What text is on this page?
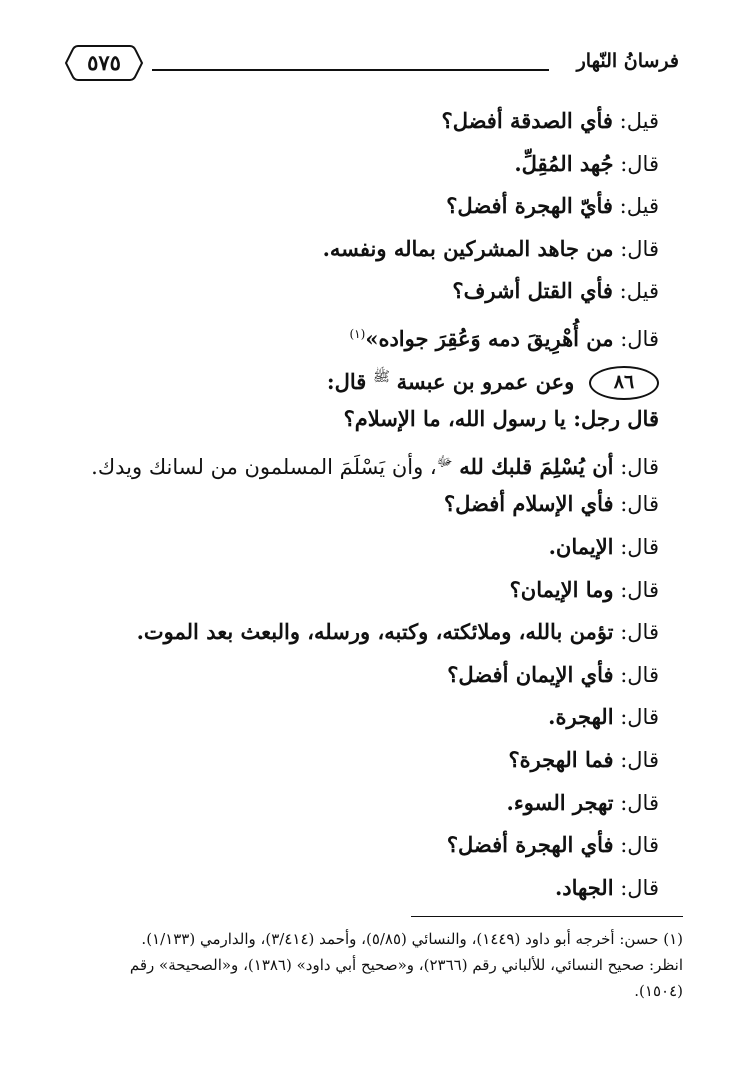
٥٧٥	فرسانُ النّهار
قيل: فأي الصدقة أفضل؟
قال: جُهد المُقِلِّ.
قيل: فأيّ الهجرة أفضل؟
قال: من جاهد المشركين بماله ونفسه.
قيل: فأي القتل أشرف؟
قال: من أُهْرِيقَ دمه وَعُقِرَ جواده»$^{(١)}$
٨٦ وعن عمرو بن عبسة $^ﷺ$ قال:
قال رجل: يا رسول الله، ما الإسلام؟
قال: أن يُسْلِمَ قلبك لله $^ﷻ$، وأن يَسْلَمَ المسلمون من لسانك ويدك.
قال: فأي الإسلام أفضل؟
قال: الإيمان.
قال: وما الإيمان؟
قال: تؤمن بالله، وملائكته، وكتبه، ورسله، والبعث بعد الموت.
قال: فأي الإيمان أفضل؟
قال: الهجرة.
قال: فما الهجرة؟
قال: تهجر السوء.
قال: فأي الهجرة أفضل؟
قال: الجهاد.
(١) حسن: أخرجه أبو داود (١٤٤٩)، والنسائي (٥/٨٥)، وأحمد (٣/٤١٤)، والدارمي (١/١٣٣).
انظر: صحيح النسائي، للألباني رقم (٢٣٦٦)، و«صحيح أبي داود» (١٣٨٦)، و«الصحيحة» رقم
(١٥٠٤).
